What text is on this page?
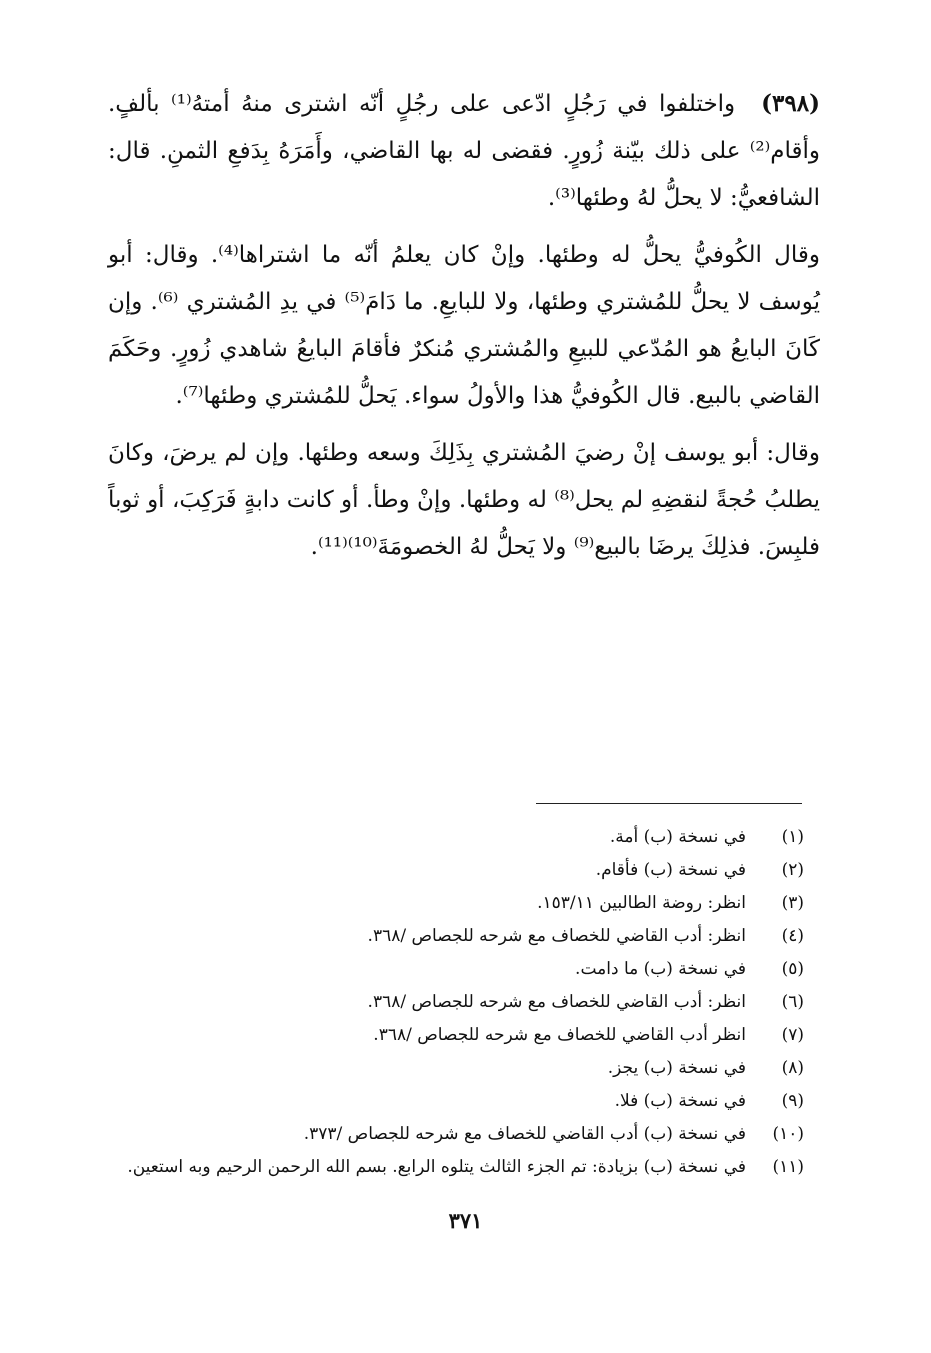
(٣٩٨)واختلفوا في رَجُلٍ ادّعى على رجُلٍ أنّه اشترى منهُ أمتهُ⁽¹⁾ بألفٍ. وأقام⁽²⁾ على ذلك بيّنة زُورٍ. فقضى له بها القاضي، وأَمَرَهُ بِدَفعِ الثمنِ. قال: الشافعيُّ: لا يحلُّ لهُ وطئها⁽³⁾.

وقال الكُوفيُّ يحلُّ له وطئها. وإنْ كان يعلمُ أنّه ما اشتراها⁽⁴⁾. وقال: أبو يُوسف لا يحلُّ للمُشتري وطئها، ولا للبايعِ. ما دَامَ⁽⁵⁾ في يدِ المُشتري ⁽⁶⁾. وإن كَانَ البايعُ هو المُدّعي للبيعِ والمُشتري مُنكرٌ فأقامَ البايعُ شاهدي زُورٍ. وحَكَمَ القاضي بالبيع. قال الكُوفيُّ هذا والأولُ سواء. يَحلُّ للمُشتري وطئها⁽⁷⁾.

وقال: أبو يوسف إنْ رضيَ المُشتري بِذَلِكَ وسعه وطئها. وإن لم يرضَ، وكانَ يطلبُ حُجةً لنقضِهِ لم يحل⁽⁸⁾ له وطئها. وإنْ وطأ. أو كانت دابةٍ فَرَكِبَ، أو ثوباً فلبِسَ. فذلِكَ يرضَا بالبيع⁽⁹⁾ ولا يَحلُّ لهُ الخصومَةَ⁽¹⁰⁾⁽¹¹⁾.

(١)
في نسخة (ب) أمة.
(٢)
في نسخة (ب) فأقام.
(٣)
انظر: روضة الطالبين ١٥٣/١١.
(٤)
انظر: أدب القاضي للخصاف مع شرحه للجصاص /٣٦٨.
(٥)
في نسخة (ب) ما دامت.
(٦)
انظر: أدب القاضي للخصاف مع شرحه للجصاص /٣٦٨.
(٧)
انظر أدب القاضي للخصاف مع شرحه للجصاص /٣٦٨.
(٨)
في نسخة (ب) يجز.
(٩)
في نسخة (ب) فلا.
(١٠)
في نسخة (ب) أدب القاضي للخصاف مع شرحه للجصاص /٣٧٣.
(١١)
في نسخة (ب) بزيادة: تم الجزء الثالث يتلوه الرابع. بسم الله الرحمن الرحيم وبه استعين.
٣٧١
